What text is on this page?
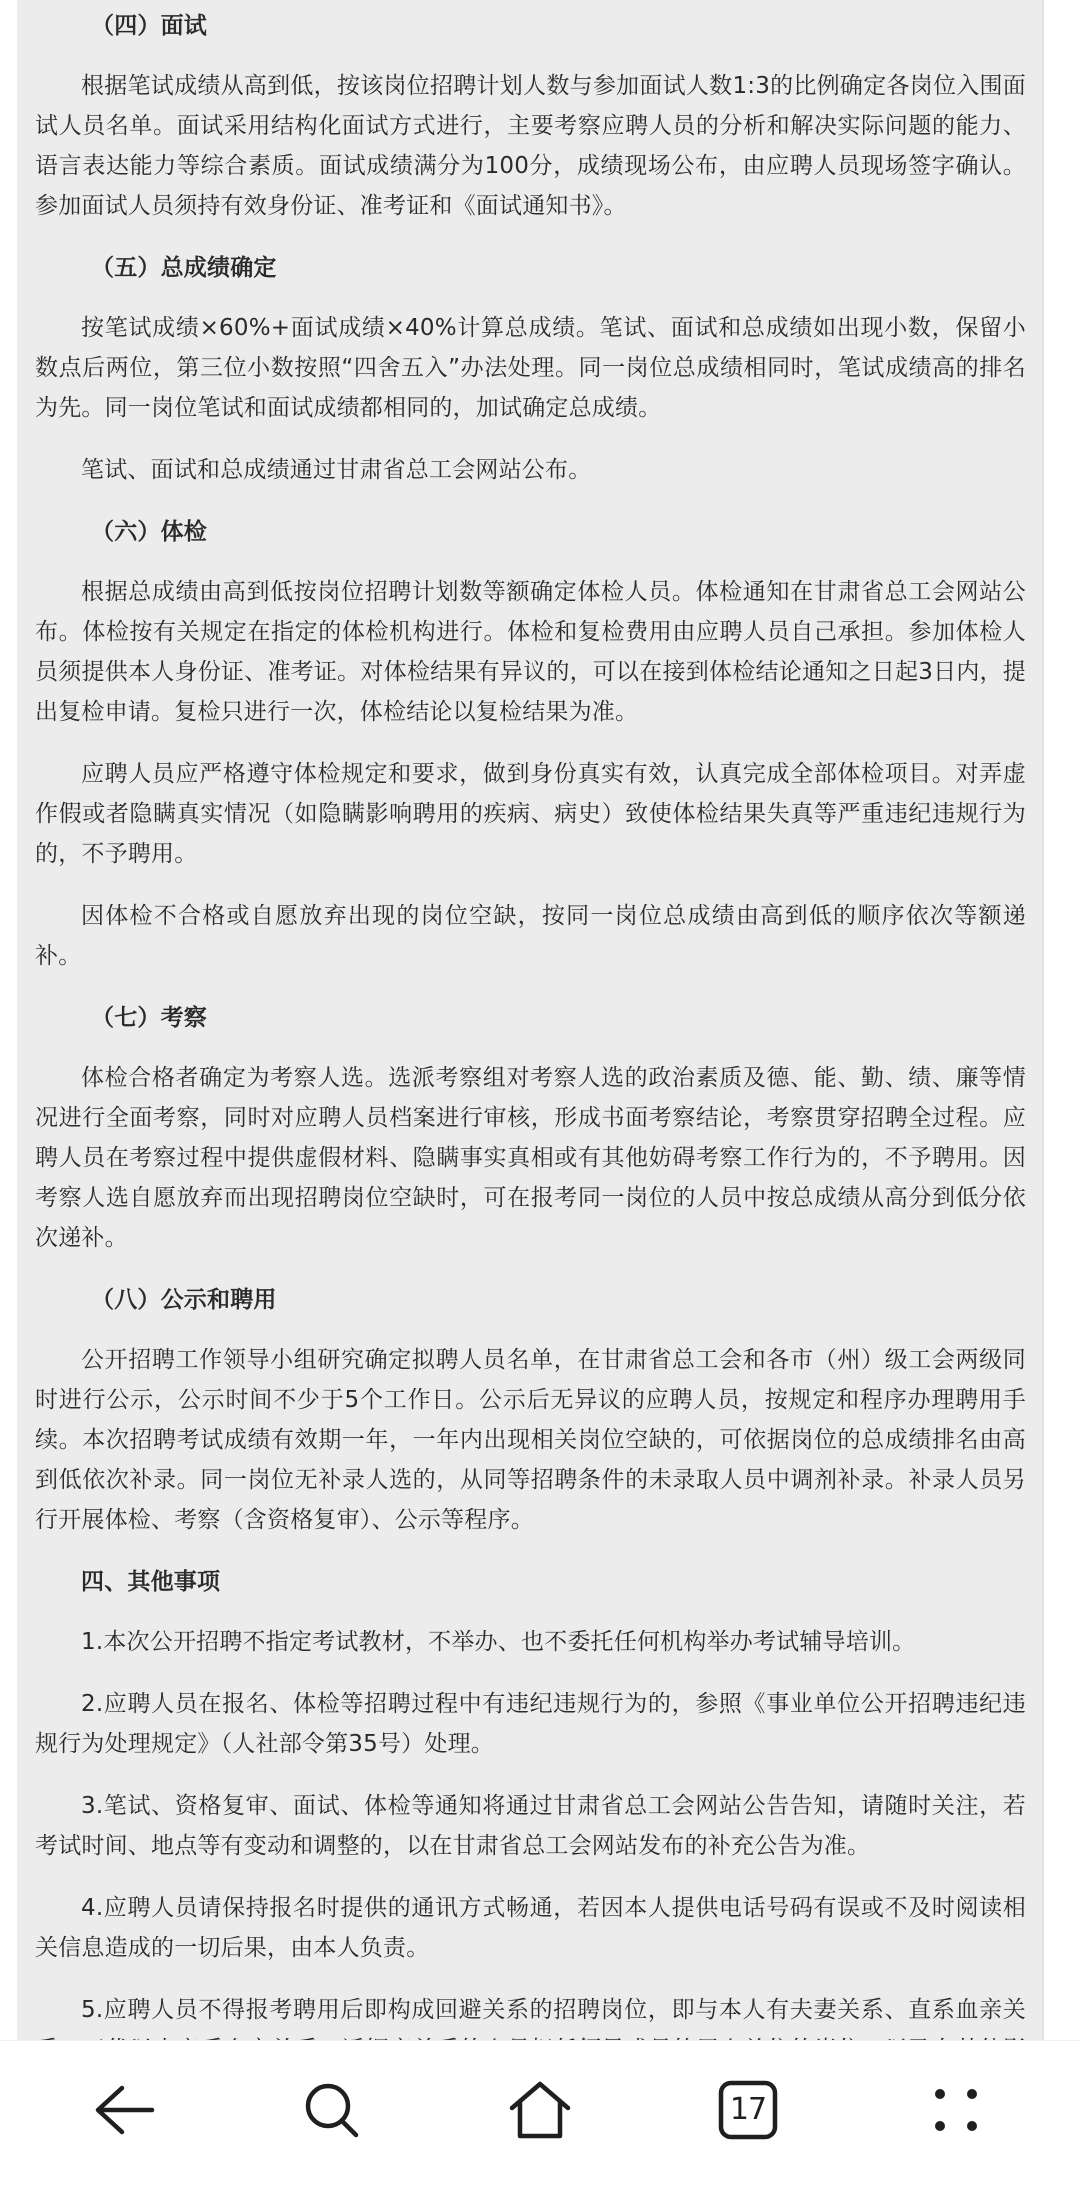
（四）面试

根据笔试成绩从高到低，按该岗位招聘计划人数与参加面试人数1:3的比例确定各岗位入围面试人员名单。面试采用结构化面试方式进行，主要考察应聘人员的分析和解决实际问题的能力、语言表达能力等综合素质。面试成绩满分为100分，成绩现场公布，由应聘人员现场签字确认。参加面试人员须持有效身份证、准考证和《面试通知书》。

（五）总成绩确定

按笔试成绩×60%+面试成绩×40%计算总成绩。笔试、面试和总成绩如出现小数，保留小数点后两位，第三位小数按照“四舍五入”办法处理。同一岗位总成绩相同时，笔试成绩高的排名为先。同一岗位笔试和面试成绩都相同的，加试确定总成绩。

笔试、面试和总成绩通过甘肃省总工会网站公布。

（六）体检

根据总成绩由高到低按岗位招聘计划数等额确定体检人员。体检通知在甘肃省总工会网站公布。体检按有关规定在指定的体检机构进行。体检和复检费用由应聘人员自己承担。参加体检人员须提供本人身份证、准考证。对体检结果有异议的，可以在接到体检结论通知之日起3日内，提出复检申请。复检只进行一次，体检结论以复检结果为准。

应聘人员应严格遵守体检规定和要求，做到身份真实有效，认真完成全部体检项目。对弄虚作假或者隐瞒真实情况（如隐瞒影响聘用的疾病、病史）致使体检结果失真等严重违纪违规行为的，不予聘用。

因体检不合格或自愿放弃出现的岗位空缺，按同一岗位总成绩由高到低的顺序依次等额递补。

（七）考察

体检合格者确定为考察人选。选派考察组对考察人选的政治素质及德、能、勤、绩、廉等情况进行全面考察，同时对应聘人员档案进行审核，形成书面考察结论，考察贯穿招聘全过程。应聘人员在考察过程中提供虚假材料、隐瞒事实真相或有其他妨碍考察工作行为的，不予聘用。因考察人选自愿放弃而出现招聘岗位空缺时，可在报考同一岗位的人员中按总成绩从高分到低分依次递补。

（八）公示和聘用

公开招聘工作领导小组研究确定拟聘人员名单，在甘肃省总工会和各市（州）级工会两级同时进行公示，公示时间不少于5个工作日。公示后无异议的应聘人员，按规定和程序办理聘用手续。本次招聘考试成绩有效期一年，一年内出现相关岗位空缺的，可依据岗位的总成绩排名由高到低依次补录。同一岗位无补录人选的，从同等招聘条件的未录取人员中调剂补录。补录人员另行开展体检、考察（含资格复审）、公示等程序。

四、其他事项

1.本次公开招聘不指定考试教材，不举办、也不委托任何机构举办考试辅导培训。

2.应聘人员在报名、体检等招聘过程中有违纪违规行为的，参照《事业单位公开招聘违纪违规行为处理规定》（人社部令第35号）处理。

3.笔试、资格复审、面试、体检等通知将通过甘肃省总工会网站公告告知，请随时关注，若考试时间、地点等有变动和调整的，以在甘肃省总工会网站发布的补充公告为准。

4.应聘人员请保持报名时提供的通讯方式畅通，若因本人提供电话号码有误或不及时阅读相关信息造成的一切后果，由本人负责。

5.应聘人员不得报考聘用后即构成回避关系的招聘岗位，即与本人有夫妻关系、直系血亲关

17
